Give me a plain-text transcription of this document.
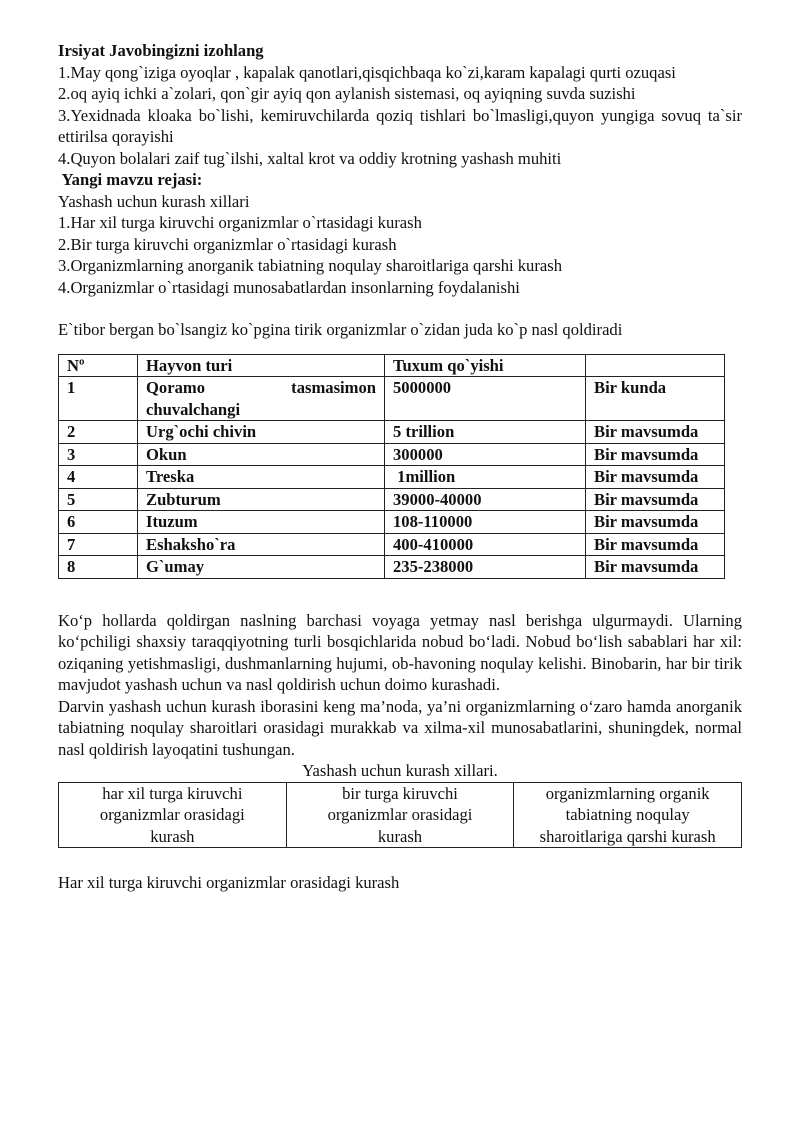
Irsiyat Javobingizni izohlang

1.May qong`iziga oyoqlar , kapalak qanotlari,qisqichbaqa ko`zi,karam kapalagi qurti ozuqasi

2.oq ayiq ichki a`zolari, qon`gir ayiq qon aylanish sistemasi, oq ayiqning suvda suzishi

3.Yexidnada kloaka bo`lishi, kemiruvchilarda qoziq tishlari bo`lmasligi,quyon yungiga sovuq ta`sir ettirilsa qorayishi

4.Quyon bolalari zaif tug`ilshi, xaltal krot va oddiy krotning yashash muhiti

Yangi mavzu rejasi:

Yashash uchun kurash xillari

1.Har xil turga kiruvchi organizmlar o`rtasidagi kurash

2.Bir turga kiruvchi organizmlar o`rtasidagi kurash

3.Organizmlarning anorganik tabiatning noqulay sharoitlariga qarshi kurash

4.Organizmlar o`rtasidagi munosabatlardan insonlarning foydalanishi

E`tibor bergan bo`lsangiz ko`pgina tirik organizmlar o`zidan juda ko`p nasl qoldiradi

Nº	Hayvon turi	Tuxum qo`yishi	
1	Qoramo tasmasimon
chuvalchangi	5000000	Bir kunda
2	Urg`ochi chivin	5 trillion	Bir mavsumda
3	Okun	300000	Bir mavsumda
4	Treska	1million	Bir mavsumda
5	Zubturum	39000-40000	Bir mavsumda
6	Ituzum	108-110000	Bir mavsumda
7	Eshaksho`ra	400-410000	Bir mavsumda
8	G`umay	235-238000	Bir mavsumda

Ko‘p hollarda qoldirgan naslning barchasi voyaga yetmay nasl berishga ulgurmaydi. Ularning ko‘pchiligi shaxsiy taraqqiyotning turli bosqichlarida nobud bo‘ladi. Nobud bo‘lish sabablari har xil: oziqaning yetishmasligi, dushmanlarning hujumi, ob-havoning noqulay kelishi. Binobarin, har bir tirik mavjudot yashash uchun va nasl qoldirish uchun doimo kurashadi.

Darvin yashash uchun kurash iborasini keng ma’noda, ya’ni organizmlarning o‘zaro hamda anorganik tabiatning noqulay sharoitlari orasidagi murakkab va xilma-xil munosabatlarini, shuningdek, normal nasl qoldirish layoqatini tushungan.

Yashash uchun kurash xillari.

har xil turga kiruvchi
organizmlar orasidagi
kurash

bir turga kiruvchi
organizmlar orasidagi
kurash

organizmlarning organik
tabiatning noqulay
sharoitlariga qarshi kurash

Har xil turga kiruvchi organizmlar orasidagi kurash
